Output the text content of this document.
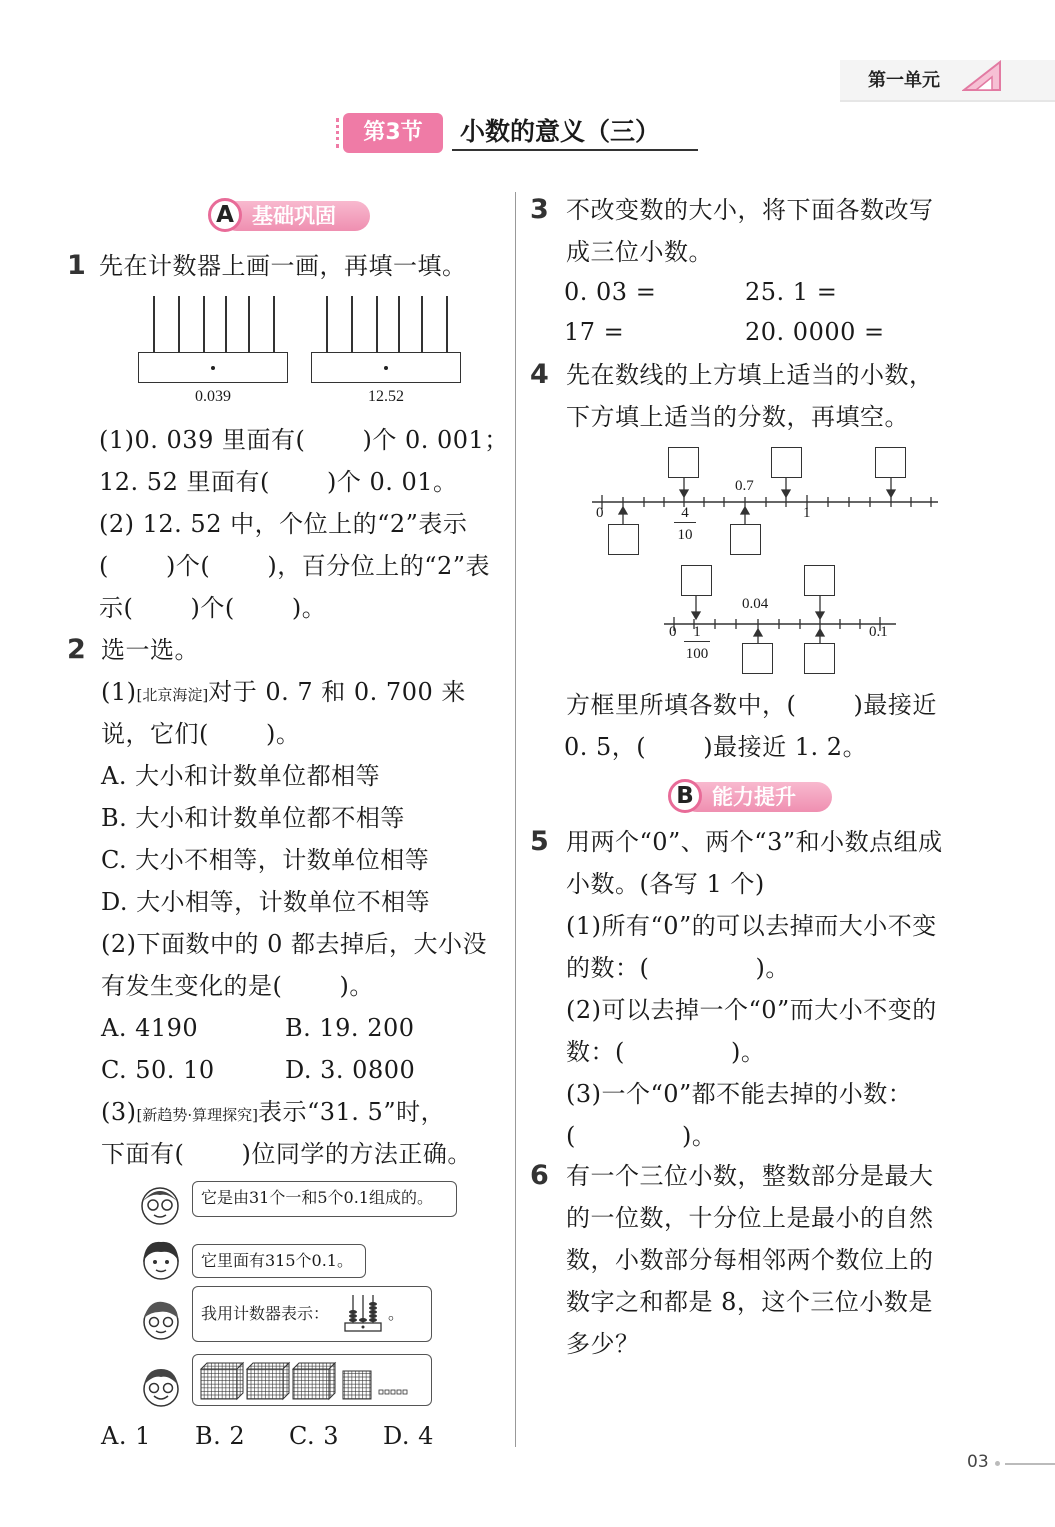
第一单元
第3节	小数的意义（三）
A 基础巩固
1 先在计数器上画一画，再填一填。
0.039	12.52
(1)0. 039 里面有(　　 )个 0. 001；
12. 52 里面有(　　 )个 0. 01。
(2) 12. 52 中，个位上的“2”表示
(　　 )个(　　 )，百分位上的“2”表
示(　　 )个(　　 )。
2 选一选。
(1)[北京海淀]对于 0. 7 和 0. 700 来
说，它们(　　 )。
A. 大小和计数单位都相等
B. 大小和计数单位都不相等
C. 大小不相等，计数单位相等
D. 大小相等，计数单位不相等
(2)下面数中的 0 都去掉后，大小没
有发生变化的是(　　 )。
A. 4190	B. 19. 200
C. 50. 10	D. 3. 0800
(3)[新趋势·算理探究]表示“31. 5”时，
下面有(　　 )位同学的方法正确。
它是由31个一和5个0.1组成的。
它里面有315个0.1。
我用计数器表示：	。
A. 1 B. 2 C. 3 D. 4
3 不改变数的大小，将下面各数改写
成三位小数。
0. 03 =	25. 1 =
17 =	20. 0000 =
4 先在数线的上方填上适当的小数，
下方填上适当的分数，再填空。
0
0.7
1
4
10
0
0.04
0.1
1
100
方框里所填各数中，(　　 )最接近
0. 5，(　　 )最接近 1. 2。
B 能力提升
5 用两个“0”、两个“3”和小数点组成
小数。(各写 1 个)
(1)所有“0”的可以去掉而大小不变
的数：(　　　　 )。
(2)可以去掉一个“0”而大小不变的
数：(　　　　 )。
(3)一个“0”都不能去掉的小数：
(　　　　 )。
6 有一个三位小数，整数部分是最大
的一位数，十分位上是最小的自然
数，小数部分每相邻两个数位上的
数字之和都是 8，这个三位小数是
多少？
03
